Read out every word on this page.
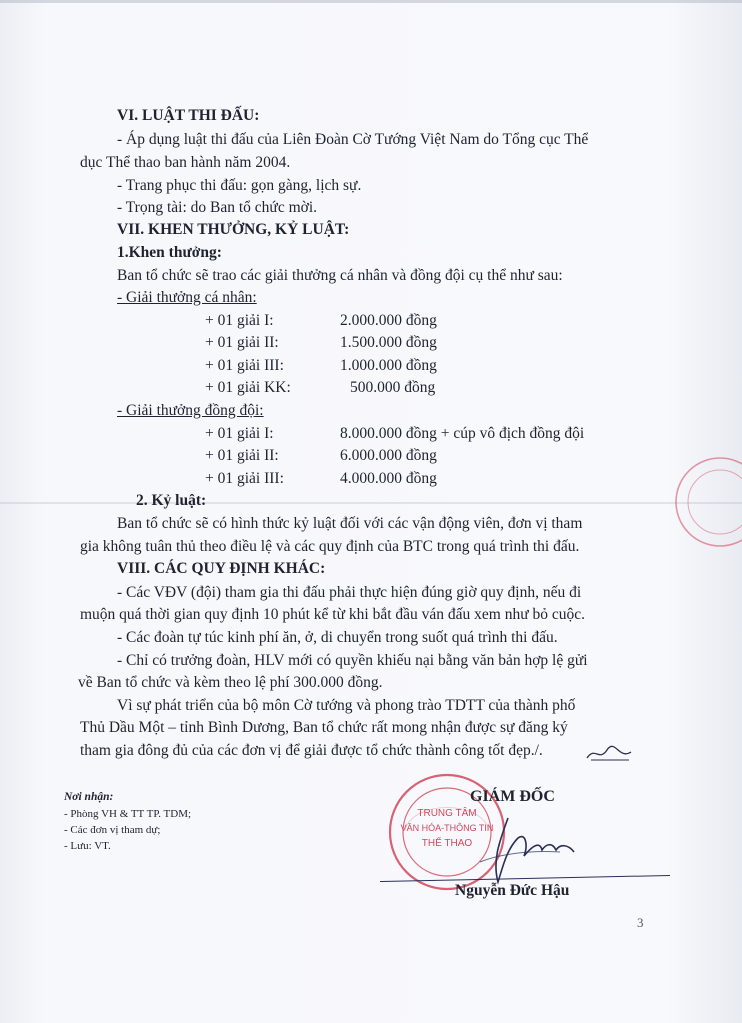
VI. LUẬT THI ĐẤU:
- Áp dụng luật thi đấu của Liên Đoàn Cờ Tướng Việt Nam do Tổng cục Thể
dục Thể thao ban hành năm 2004.
- Trang phục thi đấu: gọn gàng, lịch sự.
- Trọng tài: do Ban tổ chức mời.
VII. KHEN THƯỞNG, KỶ LUẬT:
1.Khen thưởng:
Ban tổ chức sẽ trao các giải thưởng cá nhân và đồng đội cụ thể như sau:
- Giải thưởng cá nhân:
+ 01 giải I:	2.000.000 đồng
+ 01 giải II:	1.500.000 đồng
+ 01 giải III:	1.000.000 đồng
+ 01 giải KK:	500.000 đồng
- Giải thưởng đồng đội:
+ 01 giải I:	8.000.000 đồng + cúp vô địch đồng đội
+ 01 giải II:	6.000.000 đồng
+ 01 giải III:	4.000.000 đồng
2. Kỷ luật:
Ban tổ chức sẽ có hình thức kỷ luật đối với các vận động viên, đơn vị tham
gia không tuân thủ theo điều lệ và các quy định của BTC trong quá trình thi đấu.
VIII. CÁC QUY ĐỊNH KHÁC:
- Các VĐV (đội) tham gia thi đấu phải thực hiện đúng giờ quy định, nếu đi
muộn quá thời gian quy định 10 phút kể từ khi bắt đầu ván đấu xem như bỏ cuộc.
- Các đoàn tự túc kinh phí ăn, ở, di chuyển trong suốt quá trình thi đấu.
- Chỉ có trưởng đoàn, HLV mới có quyền khiếu nại bằng văn bản hợp lệ gửi
về Ban tổ chức và kèm theo lệ phí 300.000 đồng.
Vì sự phát triển của bộ môn Cờ tướng và phong trào TDTT của thành phố
Thủ Dầu Một – tỉnh Bình Dương, Ban tổ chức rất mong nhận được sự đăng ký
tham gia đông đủ của các đơn vị để giải được tổ chức thành công tốt đẹp./.
Nơi nhận:
- Phòng VH & TT TP. TDM;
- Các đơn vị tham dự;
- Lưu: VT.
TRUNG TÂM
VĂN HÓA-THÔNG TIN
THỂ THAO
GIÁM ĐỐC
Nguyễn Đức Hậu
3
